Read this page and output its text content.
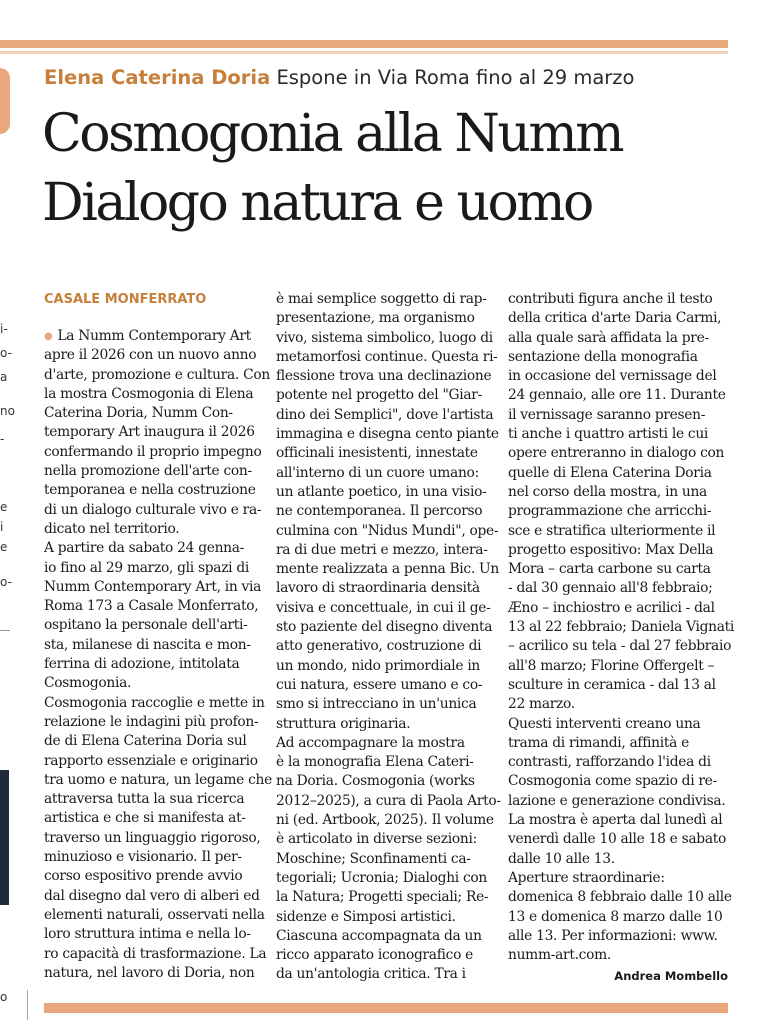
i-
o-
a
no
-
e
i
e
o-
o
Elena Caterina Doria Espone in Via Roma fino al 29 marzo
Cosmogonia alla Numm
Dialogo natura e uomo
CASALE MONFERRATO
● La Numm Contemporary Art
apre il 2026 con un nuovo anno
d'arte, promozione e cultura. Con
la mostra Cosmogonia di Elena
Caterina Doria, Numm Con-
temporary Art inaugura il 2026
confermando il proprio impegno
nella promozione dell'arte con-
temporanea e nella costruzione
di un dialogo culturale vivo e ra-
dicato nel territorio.
A partire da sabato 24 genna-
io fino al 29 marzo, gli spazi di
Numm Contemporary Art, in via
Roma 173 a Casale Monferrato,
ospitano la personale dell'arti-
sta, milanese di nascita e mon-
ferrina di adozione, intitolata
Cosmogonia.
Cosmogonia raccoglie e mette in
relazione le indagini più profon-
de di Elena Caterina Doria sul
rapporto essenziale e originario
tra uomo e natura, un legame che
attraversa tutta la sua ricerca
artistica e che si manifesta at-
traverso un linguaggio rigoroso,
minuzioso e visionario. Il per-
corso espositivo prende avvio
dal disegno dal vero di alberi ed
elementi naturali, osservati nella
loro struttura intima e nella lo-
ro capacità di trasformazione. La
natura, nel lavoro di Doria, non
è mai semplice soggetto di rap-
presentazione, ma organismo
vivo, sistema simbolico, luogo di
metamorfosi continue. Questa ri-
flessione trova una declinazione
potente nel progetto del "Giar-
dino dei Semplici", dove l'artista
immagina e disegna cento piante
officinali inesistenti, innestate
all'interno di un cuore umano:
un atlante poetico, in una visio-
ne contemporanea. Il percorso
culmina con "Nidus Mundi", ope-
ra di due metri e mezzo, intera-
mente realizzata a penna Bic. Un
lavoro di straordinaria densità
visiva e concettuale, in cui il ge-
sto paziente del disegno diventa
atto generativo, costruzione di
un mondo, nido primordiale in
cui natura, essere umano e co-
smo si intrecciano in un'unica
struttura originaria.
Ad accompagnare la mostra
è la monografia Elena Cateri-
na Doria. Cosmogonia (works
2012–2025), a cura di Paola Arto-
ni (ed. Artbook, 2025). Il volume
è articolato in diverse sezioni:
Moschine; Sconfinamenti ca-
tegoriali; Ucronia; Dialoghi con
la Natura; Progetti speciali; Re-
sidenze e Simposi artistici.
Ciascuna accompagnata da un
ricco apparato iconografico e
da un'antologia critica. Tra i
contributi figura anche il testo
della critica d'arte Daria Carmi,
alla quale sarà affidata la pre-
sentazione della monografia
in occasione del vernissage del
24 gennaio, alle ore 11. Durante
il vernissage saranno presen-
ti anche i quattro artisti le cui
opere entreranno in dialogo con
quelle di Elena Caterina Doria
nel corso della mostra, in una
programmazione che arricchi-
sce e stratifica ulteriormente il
progetto espositivo: Max Della
Mora – carta carbone su carta
- dal 30 gennaio all'8 febbraio;
Æno – inchiostro e acrilici - dal
13 al 22 febbraio; Daniela Vignati
– acrilico su tela - dal 27 febbraio
all'8 marzo; Florine Offergelt –
sculture in ceramica - dal 13 al
22 marzo.
Questi interventi creano una
trama di rimandi, affinità e
contrasti, rafforzando l'idea di
Cosmogonia come spazio di re-
lazione e generazione condivisa.
La mostra è aperta dal lunedì al
venerdì dalle 10 alle 18 e sabato
dalle 10 alle 13.
Aperture straordinarie:
domenica 8 febbraio dalle 10 alle
13 e domenica 8 marzo dalle 10
alle 13. Per informazioni: www.
numm-art.com.
Andrea Mombello
